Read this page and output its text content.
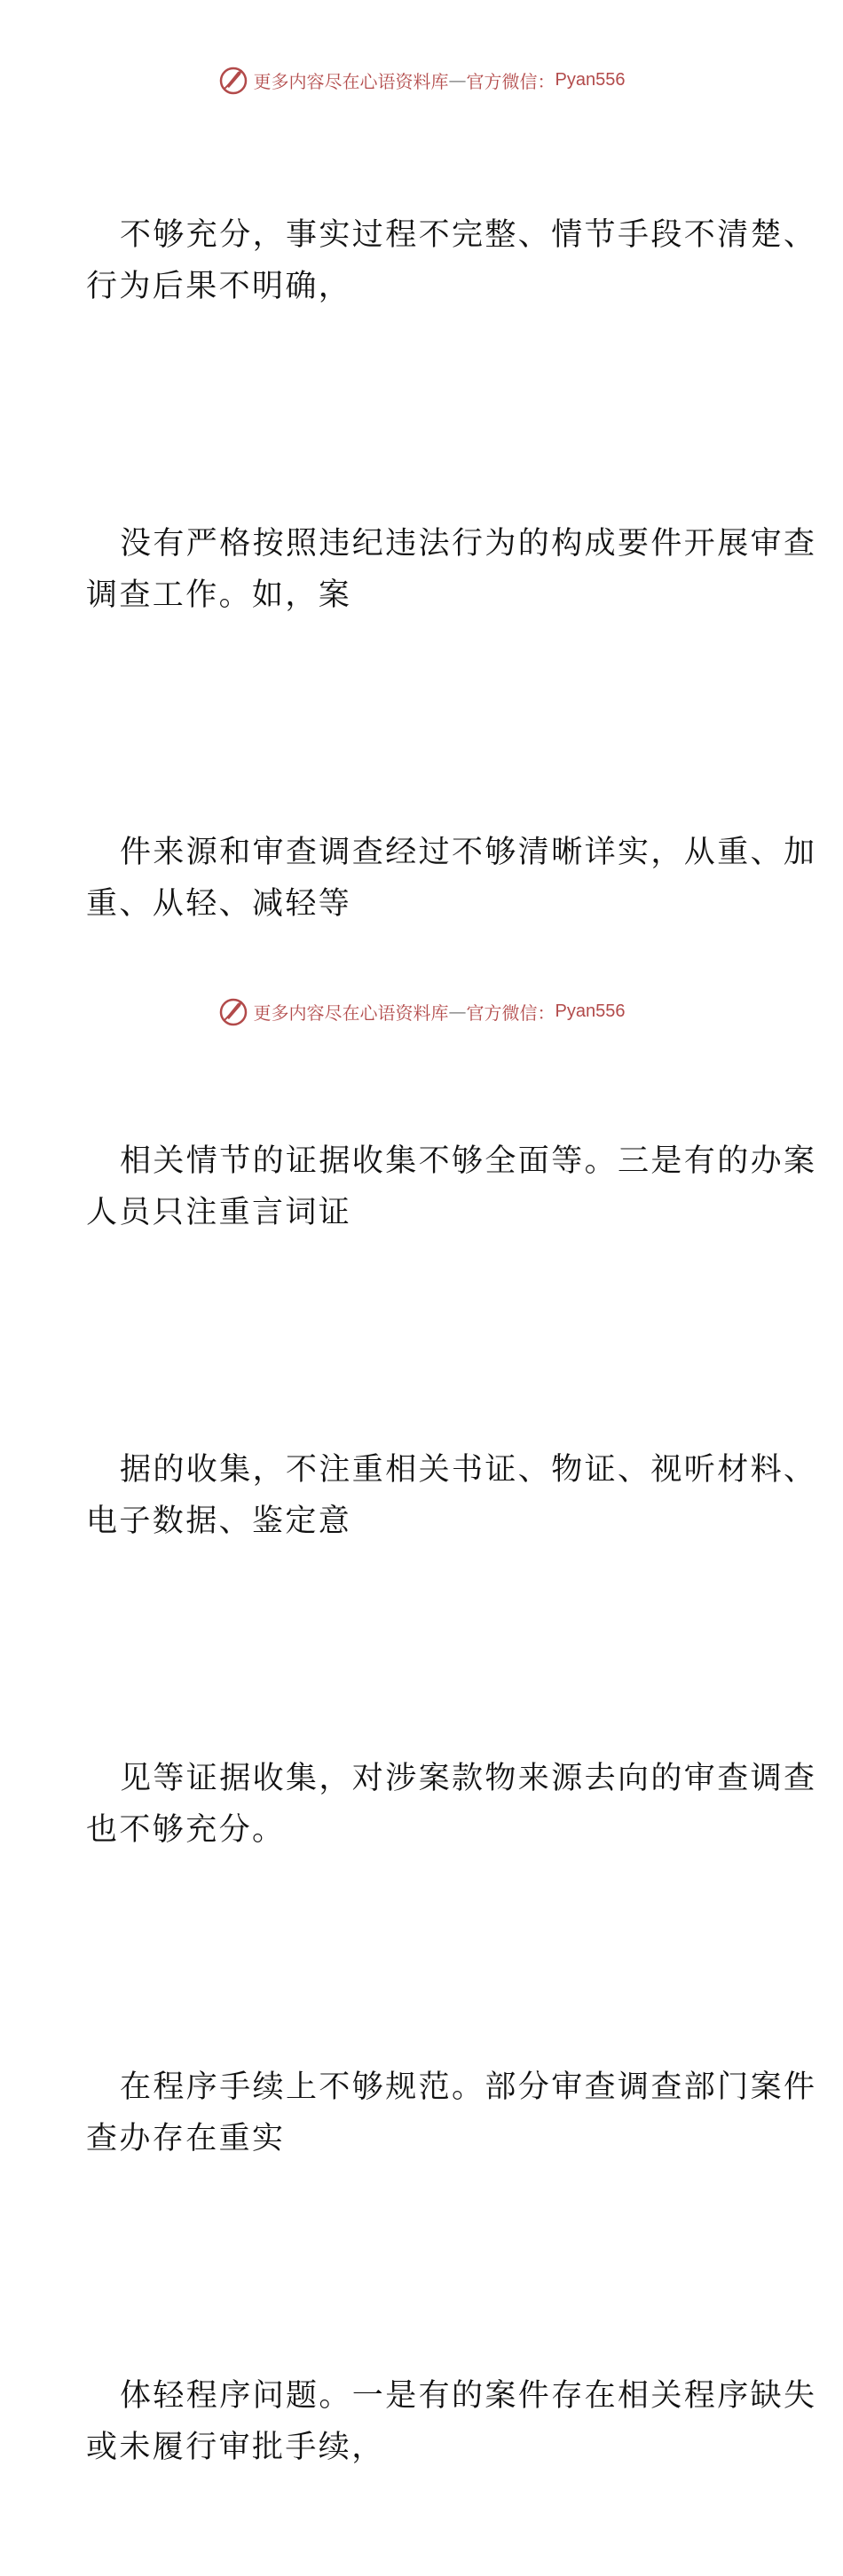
更多内容尽在心语资料库 — 官方微信： Pyan556

不够充分，事实过程不完整、情节手段不清楚、
行为后果不明确，

没有严格按照违纪违法行为的构成要件开展审查
调查工作。如，案

件来源和审查调查经过不够清晰详实，从重、加
重、从轻、减轻等

相关情节的证据收集不够全面等。三是有的办案
人员只注重言词证

据的收集，不注重相关书证、物证、视听材料、
电子数据、鉴定意

见等证据收集，对涉案款物来源去向的审查调查
也不够充分。

在程序手续上不够规范。部分审查调查部门案件
查办存在重实

体轻程序问题。一是有的案件存在相关程序缺失
或未履行审批手续，

更多内容尽在心语资料库 — 官方微信： Pyan556
